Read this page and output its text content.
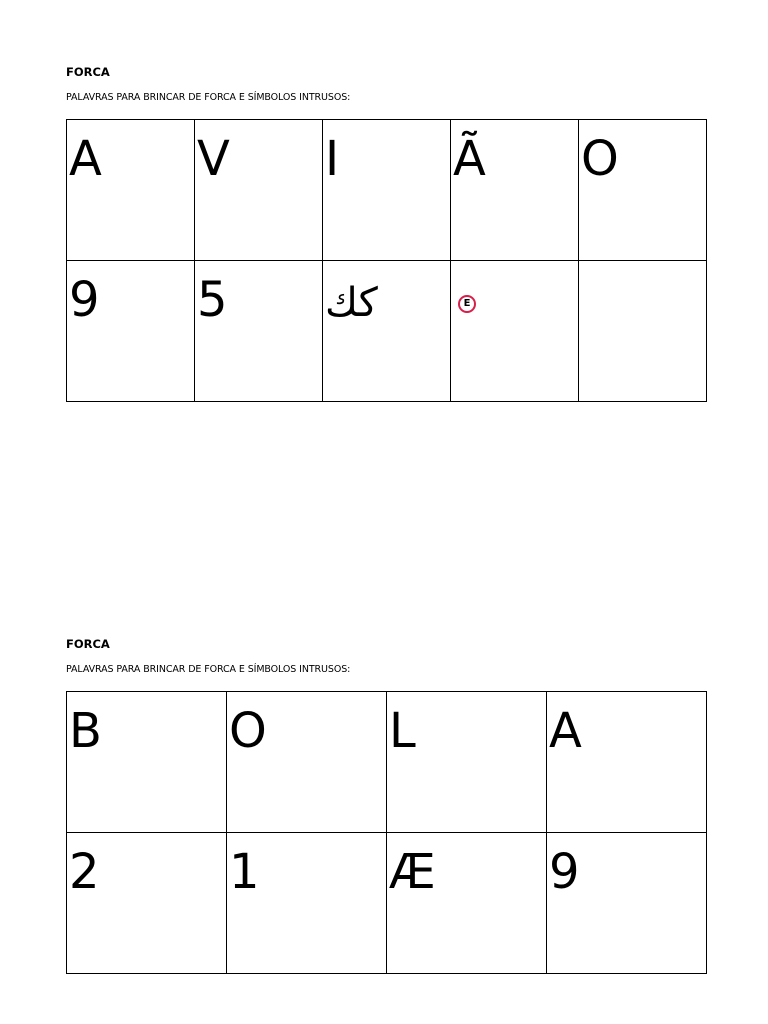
FORCA

PALAVRAS PARA BRINCAR DE FORCA E SÍMBOLOS INTRUSOS:

A	V	I	Ã	O
9	5	كك	E	

FORCA

PALAVRAS PARA BRINCAR DE FORCA E SÍMBOLOS INTRUSOS:

B	O	L	A
2	1	Æ	9
